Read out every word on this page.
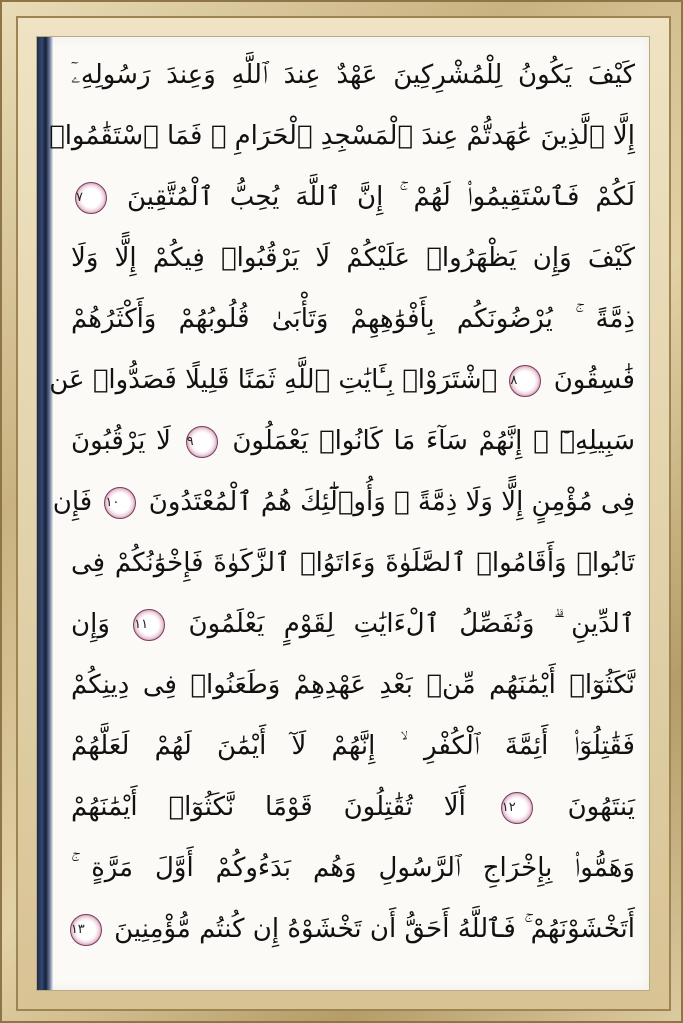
كَيْفَ يَكُونُ لِلْمُشْرِكِينَ عَهْدٌ عِندَ ٱللَّهِ وَعِندَ رَسُولِهِۦٓ
إِلَّا ٱلَّذِينَ عَٰهَدتُّمْ عِندَ ٱلْمَسْجِدِ ٱلْحَرَامِ ۖ فَمَا ٱسْتَقَٰمُوا۟
لَكُمْ فَٱسْتَقِيمُوا۟ لَهُمْ ۚ إِنَّ ٱللَّهَ يُحِبُّ ٱلْمُتَّقِينَ ٧
كَيْفَ وَإِن يَظْهَرُوا۟ عَلَيْكُمْ لَا يَرْقُبُوا۟ فِيكُمْ إِلًّا وَلَا
ذِمَّةً ۚ يُرْضُونَكُم بِأَفْوَٰهِهِمْ وَتَأْبَىٰ قُلُوبُهُمْ وَأَكْثَرُهُمْ
فَٰسِقُونَ ٨ ٱشْتَرَوْا۟ بِـَٔايَٰتِ ٱللَّهِ ثَمَنًا قَلِيلًا فَصَدُّوا۟ عَن
سَبِيلِهِۦٓ ۚ إِنَّهُمْ سَآءَ مَا كَانُوا۟ يَعْمَلُونَ ٩ لَا يَرْقُبُونَ
فِى مُؤْمِنٍ إِلًّا وَلَا ذِمَّةً ۚ وَأُو۟لَٰٓئِكَ هُمُ ٱلْمُعْتَدُونَ ١٠ فَإِن
تَابُوا۟ وَأَقَامُوا۟ ٱلصَّلَوٰةَ وَءَاتَوُا۟ ٱلزَّكَوٰةَ فَإِخْوَٰنُكُمْ فِى
ٱلدِّينِ ۗ وَنُفَصِّلُ ٱلْءَايَٰتِ لِقَوْمٍ يَعْلَمُونَ ١١ وَإِن
نَّكَثُوٓا۟ أَيْمَٰنَهُم مِّنۢ بَعْدِ عَهْدِهِمْ وَطَعَنُوا۟ فِى دِينِكُمْ
فَقَٰتِلُوٓا۟ أَئِمَّةَ ٱلْكُفْرِ ۙ إِنَّهُمْ لَآ أَيْمَٰنَ لَهُمْ لَعَلَّهُمْ
يَنتَهُونَ ١٢ أَلَا تُقَٰتِلُونَ قَوْمًا نَّكَثُوٓا۟ أَيْمَٰنَهُمْ
وَهَمُّوا۟ بِإِخْرَاجِ ٱلرَّسُولِ وَهُم بَدَءُوكُمْ أَوَّلَ مَرَّةٍ ۚ
أَتَخْشَوْنَهُمْ ۚ فَٱللَّهُ أَحَقُّ أَن تَخْشَوْهُ إِن كُنتُم مُّؤْمِنِينَ ١٣
